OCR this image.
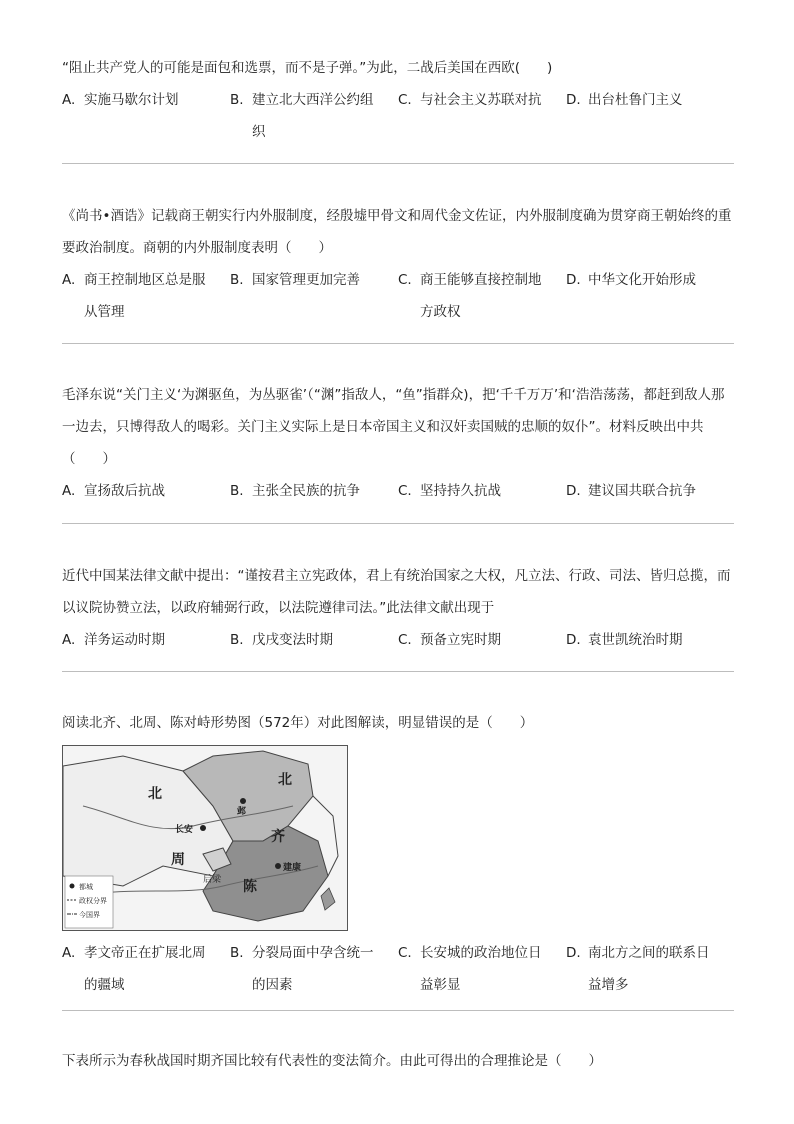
“阻止共产党人的可能是面包和选票，而不是子弹。”为此，二战后美国在西欧(　　)

A. 实施马歇尔计划	B. 建立北大西洋公约组织
C. 与社会主义苏联对抗	D. 出台杜鲁门主义

《尚书•酒诰》记载商王朝实行内外服制度，经殷墟甲骨文和周代金文佐证，内外服制度确为贯穿商王朝始终的重要政治制度。商朝的内外服制度表明（　　）

A. 商王控制地区总是服从管理
B. 国家管理更加完善	C. 商王能够直接控制地方政权
D. 中华文化开始形成

毛泽东说“关门主义‘为渊驱鱼，为丛驱雀’（“渊”指敌人，“鱼”指群众)，把‘千千万万’和‘浩浩荡荡，都赶到敌人那一边去，只博得敌人的喝彩。关门主义实际上是日本帝国主义和汉奸卖国贼的忠顺的奴仆”。材料反映出中共（　　）

A. 宣扬敌后抗战	B. 主张全民族的抗争	C. 坚持持久抗战	D. 建议国共联合抗争

近代中国某法律文献中提出：“谨按君主立宪政体，君上有统治国家之大权，凡立法、行政、司法、皆归总揽，而以议院协赞立法，以政府辅弼行政，以法院遵律司法。”此法律文献出现于

A. 洋务运动时期	B. 戊戌变法时期	C. 预备立宪时期	D. 袁世凯统治时期

阅读北齐、北周、陈对峙形势图（572年）对此图解读，明显错误的是（　　）

北
周
北
齐
陈
后梁
长安
邺
建康
都城
政权分界
今国界
A. 孝文帝正在扩展北周的疆域
B. 分裂局面中孕含统一的因素
C. 长安城的政治地位日益彰显
D. 南北方之间的联系日益增多

下表所示为春秋战国时期齐国比较有代表性的变法简介。由此可得出的合理推论是（　　）
